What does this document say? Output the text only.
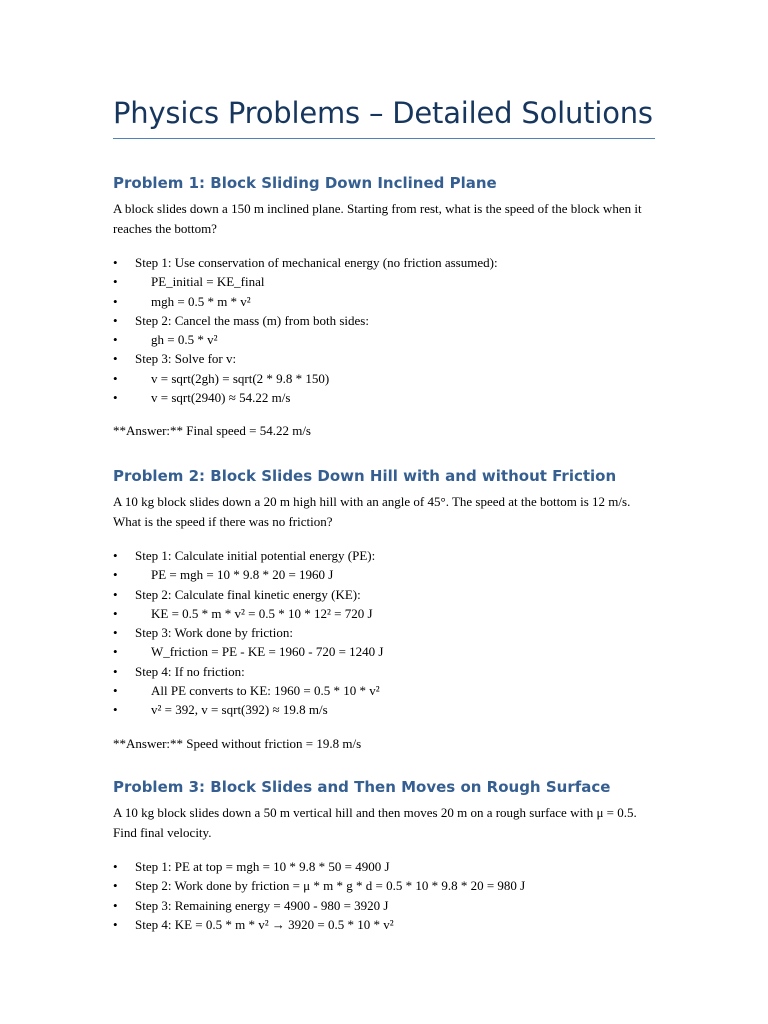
Physics Problems – Detailed Solutions
Problem 1: Block Sliding Down Inclined Plane

A block slides down a 150 m inclined plane. Starting from rest, what is the speed of the block when it reaches the bottom?

•	Step 1: Use conservation of mechanical energy (no friction assumed):
•	PE_initial = KE_final
•	mgh = 0.5 * m * v²
•	Step 2: Cancel the mass (m) from both sides:
•	gh = 0.5 * v²
•	Step 3: Solve for v:
•	v = sqrt(2gh) = sqrt(2 * 9.8 * 150)
•	v = sqrt(2940) ≈ 54.22 m/s

**Answer:** Final speed = 54.22 m/s

Problem 2: Block Slides Down Hill with and without Friction

A 10 kg block slides down a 20 m high hill with an angle of 45°. The speed at the bottom is 12 m/s. What is the speed if there was no friction?

•	Step 1: Calculate initial potential energy (PE):
•	PE = mgh = 10 * 9.8 * 20 = 1960 J
•	Step 2: Calculate final kinetic energy (KE):
•	KE = 0.5 * m * v² = 0.5 * 10 * 12² = 720 J
•	Step 3: Work done by friction:
•	W_friction = PE - KE = 1960 - 720 = 1240 J
•	Step 4: If no friction:
•	All PE converts to KE: 1960 = 0.5 * 10 * v²
•	v² = 392, v = sqrt(392) ≈ 19.8 m/s

**Answer:** Speed without friction = 19.8 m/s

Problem 3: Block Slides and Then Moves on Rough Surface

A 10 kg block slides down a 50 m vertical hill and then moves 20 m on a rough surface with μ = 0.5. Find final velocity.

•	Step 1: PE at top = mgh = 10 * 9.8 * 50 = 4900 J
•	Step 2: Work done by friction = μ * m * g * d = 0.5 * 10 * 9.8 * 20 = 980 J
•	Step 3: Remaining energy = 4900 - 980 = 3920 J
•	Step 4: KE = 0.5 * m * v² → 3920 = 0.5 * 10 * v²
